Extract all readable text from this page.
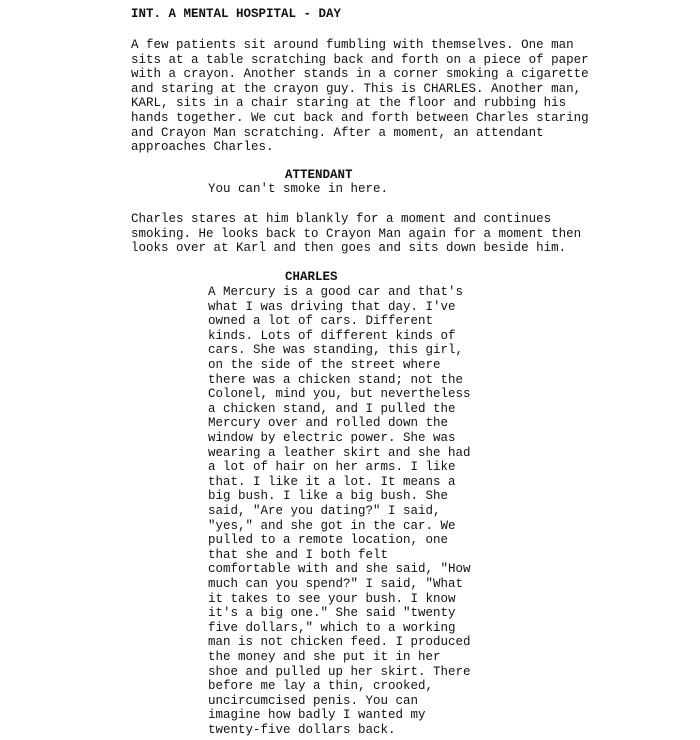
INT. A MENTAL HOSPITAL - DAY
A few patients sit around fumbling with themselves. One man
sits at a table scratching back and forth on a piece of paper
with a crayon. Another stands in a corner smoking a cigarette
and staring at the crayon guy. This is CHARLES. Another man,
KARL, sits in a chair staring at the floor and rubbing his
hands together. We cut back and forth between Charles staring
and Crayon Man scratching. After a moment, an attendant
approaches Charles.
ATTENDANT
You can't smoke in here.
Charles stares at him blankly for a moment and continues
smoking. He looks back to Crayon Man again for a moment then
looks over at Karl and then goes and sits down beside him.
CHARLES
A Mercury is a good car and that's
what I was driving that day. I've
owned a lot of cars. Different
kinds. Lots of different kinds of
cars. She was standing, this girl,
on the side of the street where
there was a chicken stand; not the
Colonel, mind you, but nevertheless
a chicken stand, and I pulled the
Mercury over and rolled down the
window by electric power. She was
wearing a leather skirt and she had
a lot of hair on her arms. I like
that. I like it a lot. It means a
big bush. I like a big bush. She
said, "Are you dating?" I said,
"yes," and she got in the car. We
pulled to a remote location, one
that she and I both felt
comfortable with and she said, "How
much can you spend?" I said, "What
it takes to see your bush. I know
it's a big one." She said "twenty
five dollars," which to a working
man is not chicken feed. I produced
the money and she put it in her
shoe and pulled up her skirt. There
before me lay a thin, crooked,
uncircumcised penis. You can
imagine how badly I wanted my
twenty-five dollars back.
